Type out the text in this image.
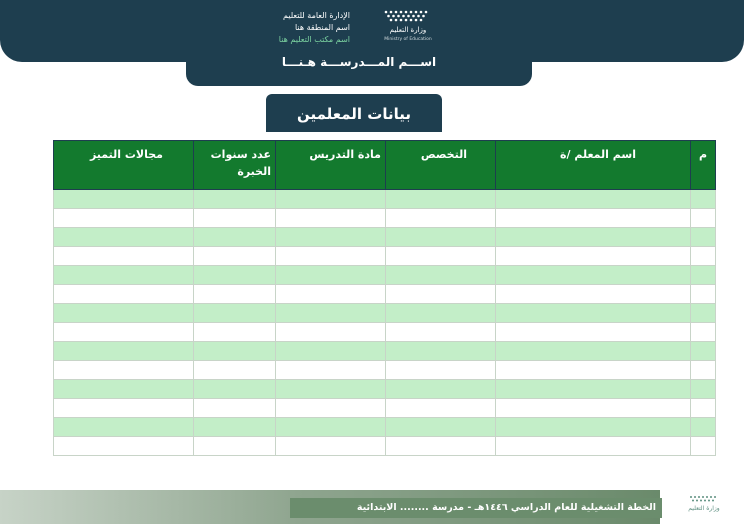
اســـم المـــدرســـة هـنـــا
الإدارة العامة للتعليم
اسم المنطقة هنا
اسم مكتب التعليم هنا
وزارة التعليم
Ministry of Education
بيانات المعلمين
م	اسم المعلم /ة	التخصص	مادة التدريس	عدد سنوات الخبرة	مجالات التميز

الخطة التشغيلية للعام الدراسي ١٤٤٦هـ - مدرسة ........ الابتدائية	وزارة التعليم
